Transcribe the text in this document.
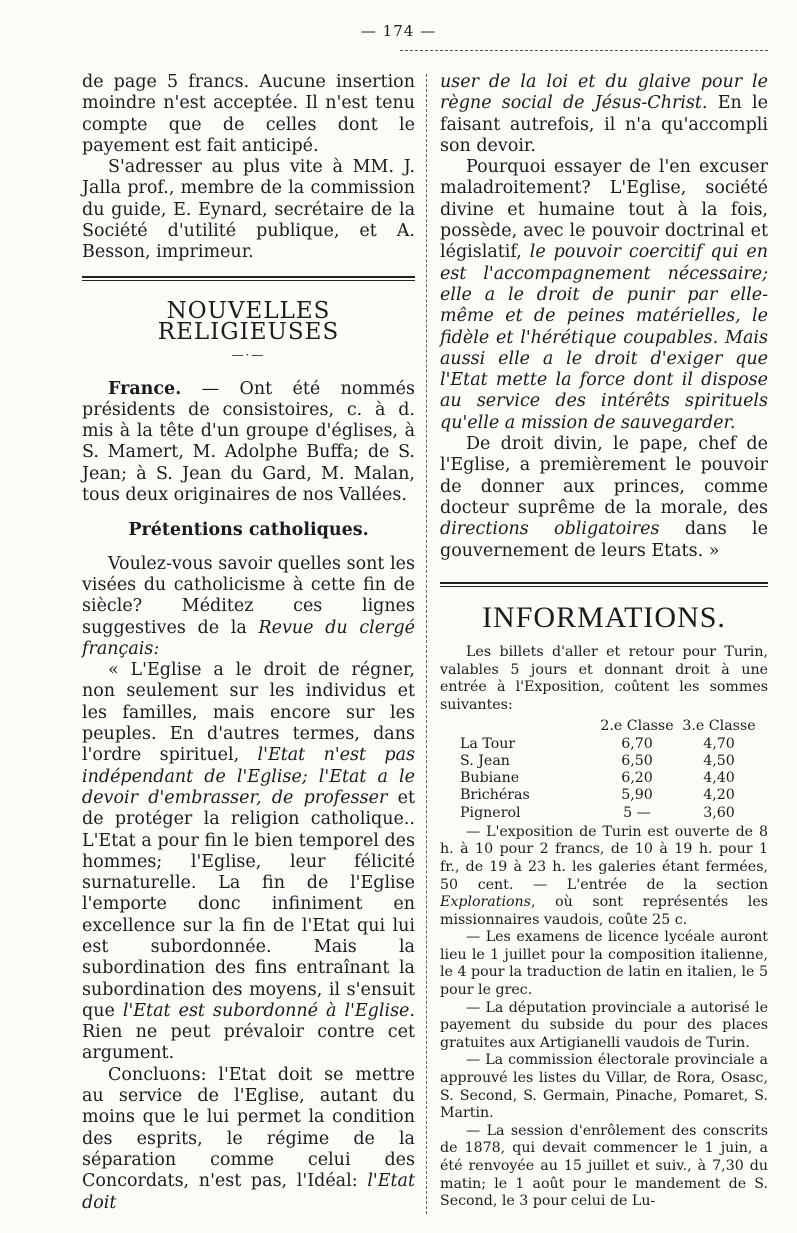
— 174 —

de page 5 francs. Aucune insertion moindre n'est acceptée. Il n'est tenu compte que de celles dont le payement est fait anticipé.

S'adresser au plus vite à MM. J. Jalla prof., membre de la commission du guide, E. Eynard, secrétaire de la Société d'utilité publique, et A. Besson, imprimeur.

NOUVELLES RELIGIEUSES
—·—

France. — Ont été nommés présidents de consistoires, c. à d. mis à la tête d'un groupe d'églises, à S. Mamert, M. Adolphe Buffa; de S. Jean; à S. Jean du Gard, M. Malan, tous deux originaires de nos Vallées.

Prétentions catholiques.

Voulez-vous savoir quelles sont les visées du catholicisme à cette fin de siècle? Méditez ces lignes suggestives de la Revue du clergé français:

« L'Eglise a le droit de régner, non seulement sur les individus et les familles, mais encore sur les peuples. En d'autres termes, dans l'ordre spirituel, l'Etat n'est pas indépendant de l'Eglise; l'Etat a le devoir d'embrasser, de professer et de protéger la religion catholique.. L'Etat a pour fin le bien temporel des hommes; l'Eglise, leur félicité surnaturelle. La fin de l'Eglise l'emporte donc infiniment en excellence sur la fin de l'Etat qui lui est subordonnée. Mais la subordination des fins entraînant la subordination des moyens, il s'ensuit que l'Etat est subordonné à l'Eglise. Rien ne peut prévaloir contre cet argument.

Concluons: l'Etat doit se mettre au service de l'Eglise, autant du moins que le lui permet la condition des esprits, le régime de la séparation comme celui des Concordats, n'est pas, l'Idéal: l'Etat doit

user de la loi et du glaive pour le règne social de Jésus-Christ. En le faisant autrefois, il n'a qu'accompli son devoir.

Pourquoi essayer de l'en excuser maladroitement? L'Eglise, société divine et humaine tout à la fois, possède, avec le pouvoir doctrinal et législatif, le pouvoir coercitif qui en est l'accompagnement nécessaire; elle a le droit de punir par elle-même et de peines matérielles, le fidèle et l'hérétique coupables. Mais aussi elle a le droit d'exiger que l'Etat mette la force dont il dispose au service des intérêts spirituels qu'elle a mission de sauvegarder.

De droit divin, le pape, chef de l'Eglise, a premièrement le pouvoir de donner aux princes, comme docteur suprême de la morale, des directions obligatoires dans le gouvernement de leurs Etats. »

INFORMATIONS.

Les billets d'aller et retour pour Turin, valables 5 jours et donnant droit à une entrée à l'Exposition, coûtent les sommes suivantes:

	2.e Classe	3.e Classe
La Tour	6,70	4,70
S. Jean	6,50	4,50
Bubiane	6,20	4,40
Brichéras	5,90	4,20
Pignerol	5 —	3,60

— L'exposition de Turin est ouverte de 8 h. à 10 pour 2 francs, de 10 à 19 h. pour 1 fr., de 19 à 23 h. les galeries étant fermées, 50 cent. — L'entrée de la section Explorations, où sont représentés les missionnaires vaudois, coûte 25 c.

— Les examens de licence lycéale auront lieu le 1 juillet pour la composition italienne, le 4 pour la traduction de latin en italien, le 5 pour le grec.

— La députation provinciale a autorisé le payement du subside du pour des places gratuites aux Artigianelli vaudois de Turin.

— La commission électorale provinciale a approuvé les listes du Villar, de Rora, Osasc, S. Second, S. Germain, Pinache, Pomaret, S. Martin.

— La session d'enrôlement des conscrits de 1878, qui devait commencer le 1 juin, a été renvoyée au 15 juillet et suiv., à 7,30 du matin; le 1 août pour le mandement de S. Second, le 3 pour celui de Lu-
